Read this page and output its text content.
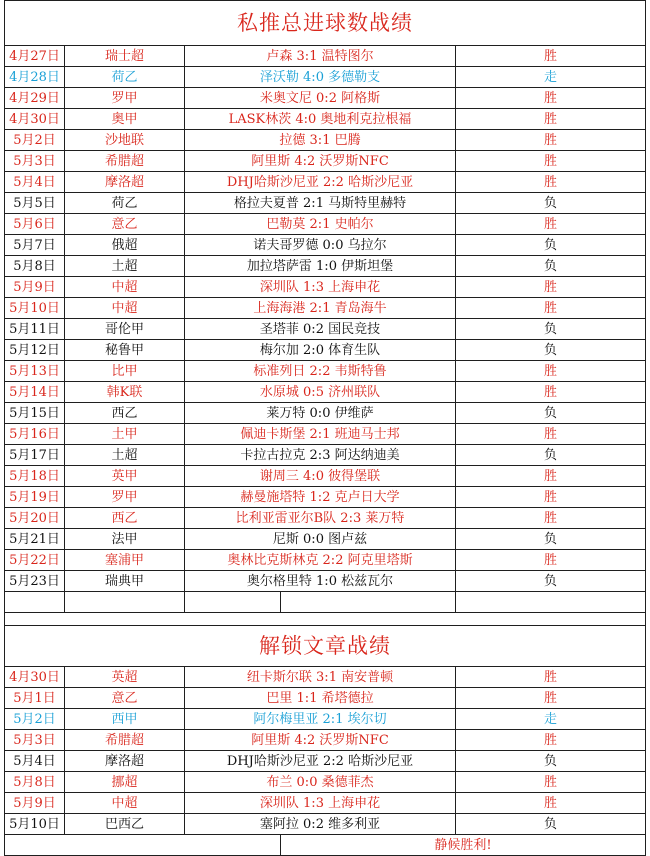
私推总进球数战绩				
4月27日	瑞士超	卢森 3:1 温特图尔		胜
4月28日	荷乙	泽沃勒 4:0 多德勒支		走
4月29日	罗甲	米奥文尼 0:2 阿格斯		胜
4月30日	奥甲	LASK林茨 4:0 奥地利克拉根福		胜
5月2日	沙地联	拉德 3:1 巴腾		胜
5月3日	希腊超	阿里斯 4:2 沃罗斯NFC		胜
5月4日	摩洛超	DHJ哈斯沙尼亚 2:2 哈斯沙尼亚		胜
5月5日	荷乙	格拉夫夏普 2:1 马斯特里赫特		负
5月6日	意乙	巴勒莫 2:1 史帕尔		胜
5月7日	俄超	诺夫哥罗德 0:0 乌拉尔		负
5月8日	土超	加拉塔萨雷 1:0 伊斯坦堡		负
5月9日	中超	深圳队 1:3 上海申花		胜
5月10日	中超	上海海港 2:1 青岛海牛		胜
5月11日	哥伦甲	圣塔菲 0:2 国民竞技		负
5月12日	秘鲁甲	梅尔加 2:0 体育生队		负
5月13日	比甲	标准列日 2:2 韦斯特鲁		胜
5月14日	韩K联	水原城 0:5 济州联队		胜
5月15日	西乙	莱万特 0:0 伊维萨		负
5月16日	土甲	佩迪卡斯堡 2:1 班迪马士邦		胜
5月17日	土超	卡拉古拉克 2:3 阿达纳迪美		负
5月18日	英甲	谢周三 4:0 彼得堡联		胜
5月19日	罗甲	赫曼施塔特 1:2 克卢日大学		胜
5月20日	西乙	比利亚雷亚尔B队 2:3 莱万特		胜
5月21日	法甲	尼斯 0:0 图卢兹		负
5月22日	塞浦甲	奥林比克斯林克 2:2 阿克里塔斯		胜
5月23日	瑞典甲	奥尔格里特 1:0 松兹瓦尔		负

解锁文章战绩				
4月30日	英超	纽卡斯尔联 3:1 南安普顿		胜
5月1日	意乙	巴里 1:1 希塔德拉		胜
5月2日	西甲	阿尔梅里亚 2:1 埃尔切		走
5月3日	希腊超	阿里斯 4:2 沃罗斯NFC		胜
5月4日	摩洛超	DHJ哈斯沙尼亚 2:2 哈斯沙尼亚		负
5月8日	挪超	布兰 0:0 桑德菲杰		胜
5月9日	中超	深圳队 1:3 上海申花		胜
5月10日	巴西乙	塞阿拉 0:2 维多利亚		负
			静候胜利!	
